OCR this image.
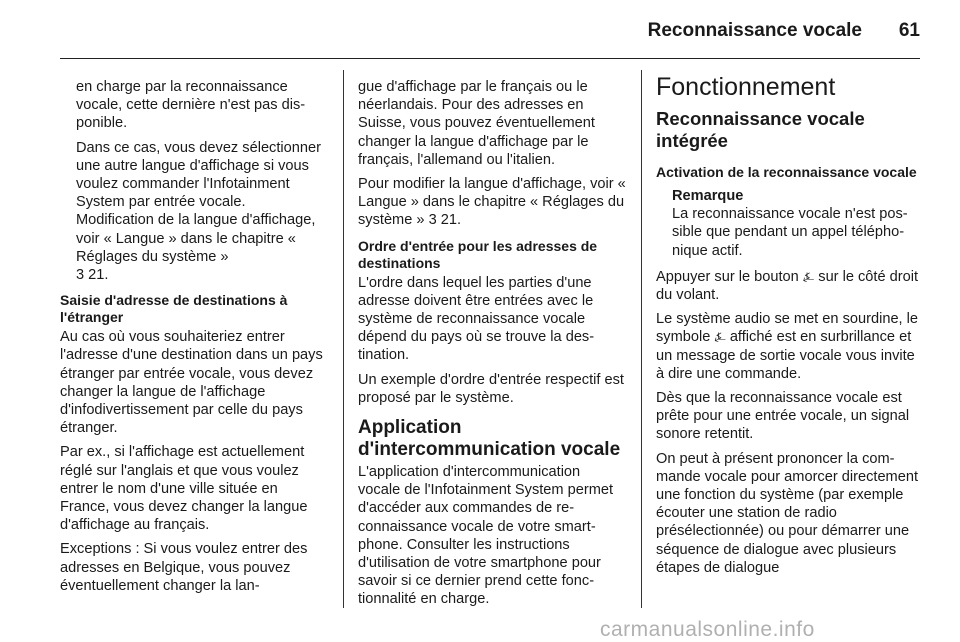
Reconnaissance vocale 61

en charge par la reconnaissance vocale, cette dernière n'est pas disponible.

Dans ce cas, vous devez sélectionner une autre langue d'affichage si vous voulez commander l'Infotainment System par entrée vocale. Modification de la langue d'affichage, voir « Langue » dans le chapitre « Réglages du système »
3 21.

Saisie d'adresse de destinations à l'étranger

Au cas où vous souhaiteriez entrer l'adresse d'une destination dans un pays étranger par entrée vocale, vous devez changer la langue de l'affichage d'infodivertissement par celle du pays étranger.

Par ex., si l'affichage est actuellement réglé sur l'anglais et que vous voulez entrer le nom d'une ville située en France, vous devez changer la langue d'affichage au français.

Exceptions : Si vous voulez entrer des adresses en Belgique, vous pouvez éventuellement changer la lan-

gue d'affichage par le français ou le néerlandais. Pour des adresses en Suisse, vous pouvez éventuellement changer la langue d'affichage par le français, l'allemand ou l'italien.

Pour modifier la langue d'affichage, voir « Langue » dans le chapitre « Réglages du système » 3 21.

Ordre d'entrée pour les adresses de destinations

L'ordre dans lequel les parties d'une adresse doivent être entrées avec le système de reconnaissance vocale dépend du pays où se trouve la destination.

Un exemple d'ordre d'entrée respectif est proposé par le système.

Application d'intercommunication vocale

L'application d'intercommunication vocale de l'Infotainment System permet d'accéder aux commandes de reconnaissance vocale de votre smartphone. Consulter les instructions d'utilisation de votre smartphone pour savoir si ce dernier prend cette fonctionnalité en charge.

Fonctionnement
Reconnaissance vocale intégrée
Activation de la reconnaissance vocale
Remarque
La reconnaissance vocale n'est possible que pendant un appel téléphonique actif.

Appuyer sur le bouton ⍼ sur le côté droit du volant.

Le système audio se met en sourdine, le symbole ⍼ affiché est en surbrillance et un message de sortie vocale vous invite à dire une commande.

Dès que la reconnaissance vocale est prête pour une entrée vocale, un signal sonore retentit.

On peut à présent prononcer la commande vocale pour amorcer directement une fonction du système (par exemple écouter une station de radio présélectionnée) ou pour démarrer une séquence de dialogue avec plusieurs étapes de dialogue

carmanualsonline.info
